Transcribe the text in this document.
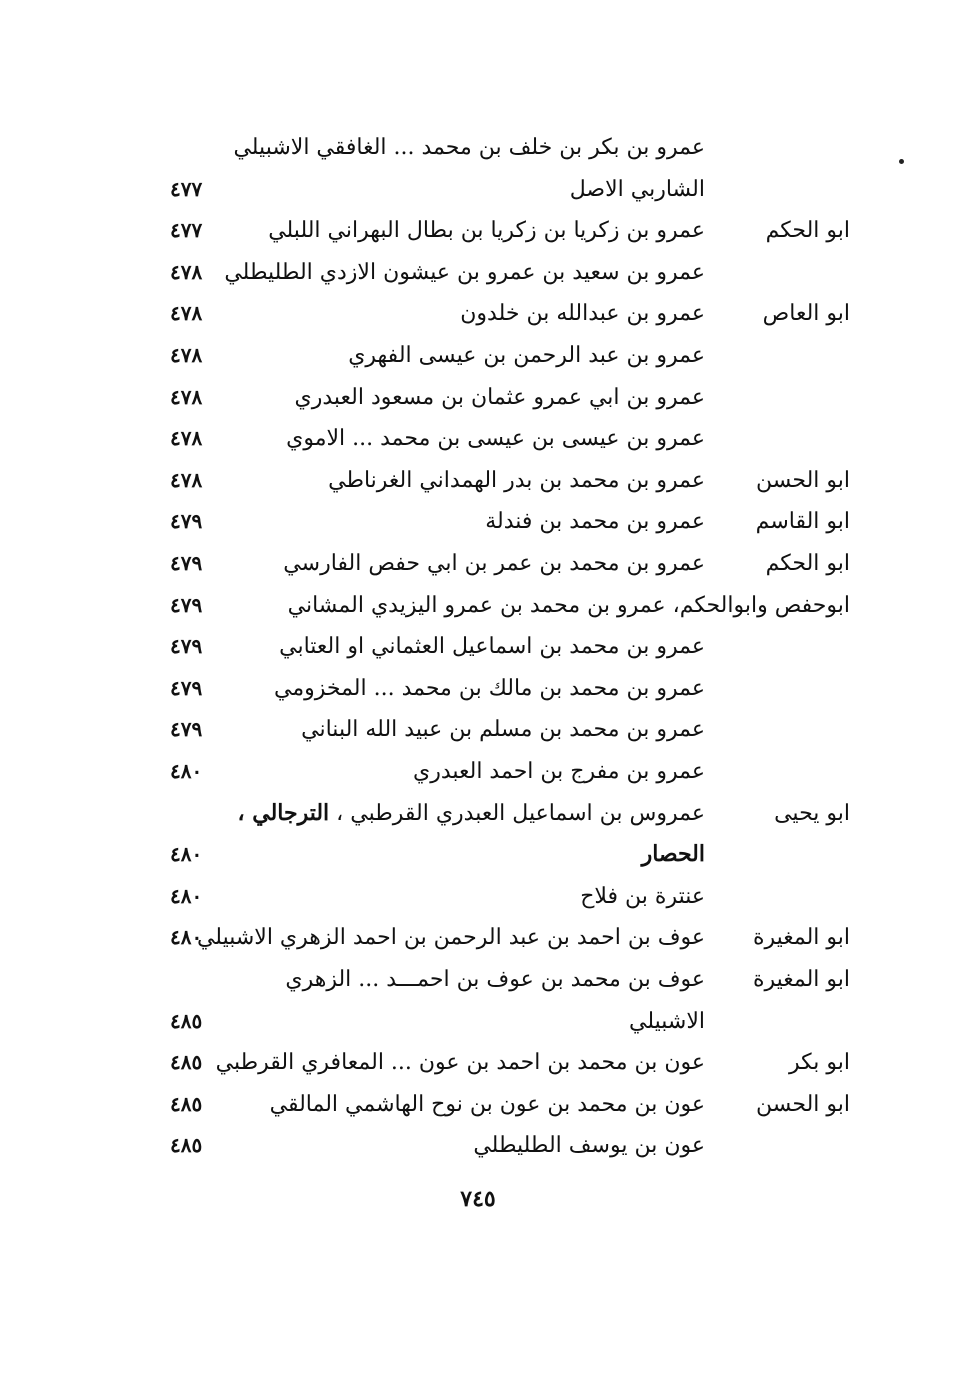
عمرو بن بكر بن خلف بن محمد ... الغافقي الاشبيلي
الشاربي الاصل
٤٧٧
ابو الحكم
عمرو بن زكريا بن زكريا بن بطال البهراني اللبلي
٤٧٧
عمرو بن سعيد بن عمرو بن عيشون الازدي الطليطلي
٤٧٨
ابو العاص
عمرو بن عبدالله بن خلدون
٤٧٨
عمرو بن عبد الرحمن بن عيسى الفهري
٤٧٨
عمرو بن ابي عمرو عثمان بن مسعود العبدري
٤٧٨
عمرو بن عيسى بن عيسى بن محمد ... الاموي
٤٧٨
ابو الحسن
عمرو بن محمد بن بدر الهمداني الغرناطي
٤٧٨
ابو القاسم
عمرو بن محمد بن فندلة
٤٧٩
ابو الحكم
عمرو بن محمد بن عمر بن ابي حفص الفارسي
٤٧٩
ابوحفص وابوالحكم، عمرو بن محمد بن عمرو اليزيدي المشاني
٤٧٩
عمرو بن محمد بن اسماعيل العثماني او العتابي
٤٧٩
عمرو بن محمد بن مالك بن محمد ... المخزومي
٤٧٩
عمرو بن محمد بن مسلم بن عبيد الله البناني
٤٧٩
عمرو بن مفرج بن احمد العبدري
٤٨٠
ابو يحيى
عمروس بن اسماعيل العبدري القرطبي ، الترجالي ،
الحصار
٤٨٠
عنترة بن فلاح
٤٨٠
ابو المغيرة
عوف بن احمد بن عبد الرحمن بن احمد الزهري الاشبيلي
٤٨٠
ابو المغيرة
عوف بن محمد بن عوف بن احمـــد ... الزهري
الاشبيلي
٤٨٥
ابو بكر
عون بن محمد بن احمد بن عون ... المعافري القرطبي
٤٨٥
ابو الحسن
عون بن محمد بن عون بن نوح الهاشمي المالقي
٤٨٥
عون بن يوسف الطليطلي
٤٨٥
٧٤٥
